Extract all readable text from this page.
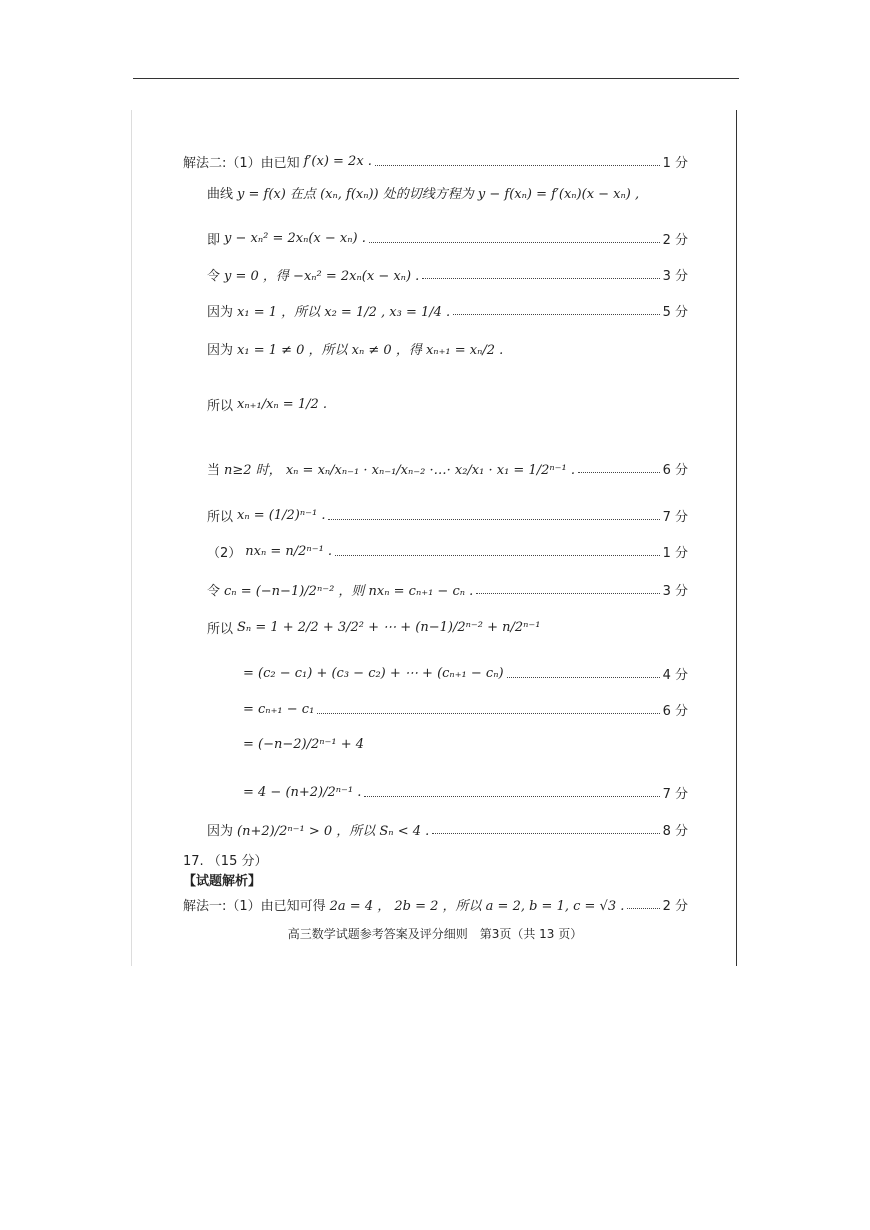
解法二:（1）由已知 f′(x) = 2x .	1 分
曲线 y = f(x) 在点 (xₙ, f(xₙ)) 处的切线方程为 y − f(xₙ) = f′(xₙ)(x − xₙ) ,
即 y − xₙ² = 2xₙ(x − xₙ) .	2 分
令 y = 0 ，得 −xₙ² = 2xₙ(x − xₙ) .	3 分
因为 x₁ = 1 ，所以 x₂ = 1/2 , x₃ = 1/4 .	5 分
因为 x₁ = 1 ≠ 0 ，所以 xₙ ≠ 0 ，得 xₙ₊₁ = xₙ/2 .
所以 xₙ₊₁/xₙ = 1/2 .
当 n≥2 时， xₙ = xₙ/xₙ₋₁ · xₙ₋₁/xₙ₋₂ ·…· x₂/x₁ · x₁ = 1/2ⁿ⁻¹ .	6 分
所以 xₙ = (1/2)ⁿ⁻¹ .	7 分
（2） nxₙ = n/2ⁿ⁻¹ .	1 分
令 cₙ = (−n−1)/2ⁿ⁻² ，则 nxₙ = cₙ₊₁ − cₙ .	3 分
所以 Sₙ = 1 + 2/2 + 3/2² + ⋯ + (n−1)/2ⁿ⁻² + n/2ⁿ⁻¹
= (c₂ − c₁) + (c₃ − c₂) + ⋯ + (cₙ₊₁ − cₙ)	4 分
= cₙ₊₁ − c₁	6 分
= (−n−2)/2ⁿ⁻¹ + 4
= 4 − (n+2)/2ⁿ⁻¹ .	7 分
因为 (n+2)/2ⁿ⁻¹ > 0 ，所以 Sₙ < 4 .	8 分
17. （15 分）
【试题解析】
解法一:（1）由已知可得 2a = 4 ， 2b = 2 ，所以 a = 2, b = 1, c = √3 .	2 分
高三数学试题参考答案及评分细则　第3页（共 13 页）
